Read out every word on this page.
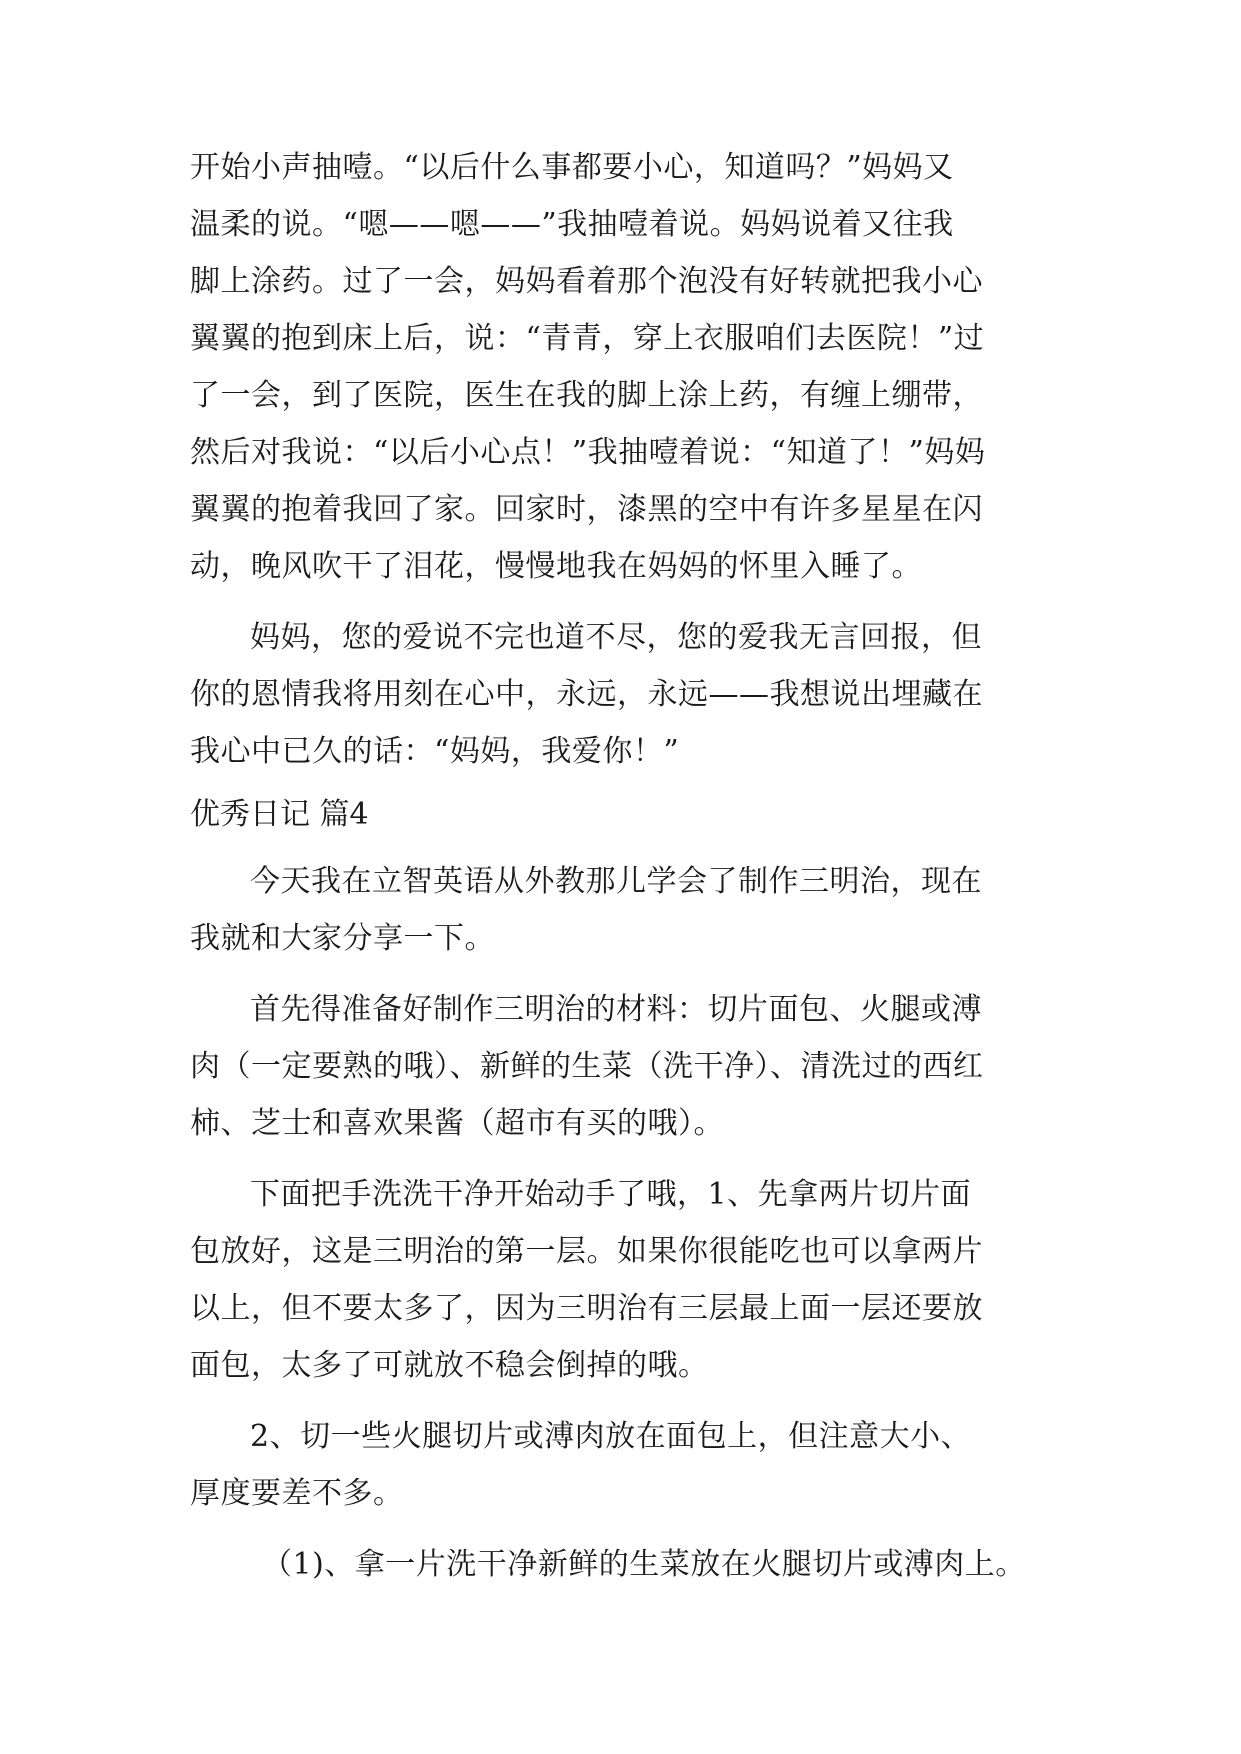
开始小声抽噎。“以后什么事都要小心，知道吗？”妈妈又
温柔的说。“嗯——嗯——”我抽噎着说。妈妈说着又往我
脚上涂药。过了一会，妈妈看着那个泡没有好转就把我小心
翼翼的抱到床上后，说：“青青，穿上衣服咱们去医院！”过
了一会，到了医院，医生在我的脚上涂上药，有缠上绷带，
然后对我说：“以后小心点！”我抽噎着说：“知道了！”妈妈
翼翼的抱着我回了家。回家时，漆黑的空中有许多星星在闪
动，晚风吹干了泪花，慢慢地我在妈妈的怀里入睡了。
妈妈，您的爱说不完也道不尽，您的爱我无言回报，但
你的恩情我将用刻在心中，永远，永远——我想说出埋藏在
我心中已久的话：“妈妈，我爱你！”
优秀日记 篇4
今天我在立智英语从外教那儿学会了制作三明治，现在
我就和大家分享一下。
首先得准备好制作三明治的材料：切片面包、火腿或溥
肉（一定要熟的哦）、新鲜的生菜（洗干净）、清洗过的西红
柿、芝士和喜欢果酱（超市有买的哦）。
下面把手洗洗干净开始动手了哦，1、先拿两片切片面
包放好，这是三明治的第一层。如果你很能吃也可以拿两片
以上，但不要太多了，因为三明治有三层最上面一层还要放
面包，太多了可就放不稳会倒掉的哦。
2、切一些火腿切片或溥肉放在面包上，但注意大小、
厚度要差不多。
（1)、拿一片洗干净新鲜的生菜放在火腿切片或溥肉上。
